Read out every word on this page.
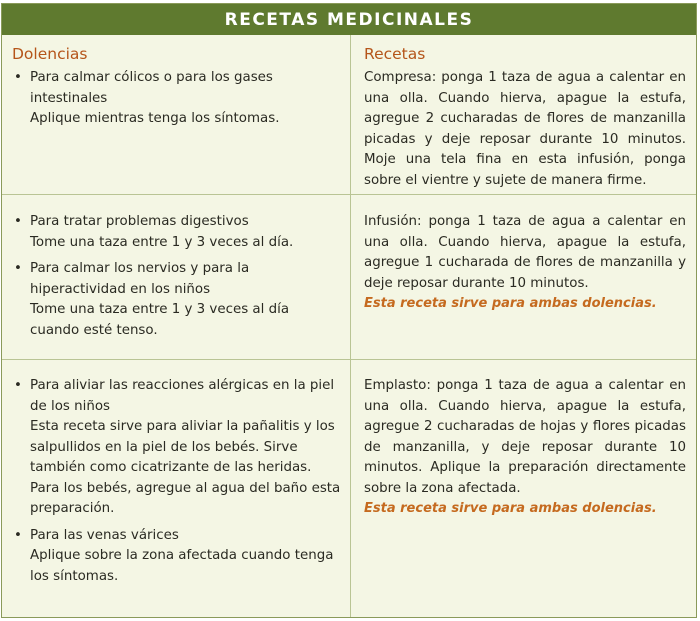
RECETAS MEDICINALES
Dolencias
• Para calmar cólicos o para los gases intestinales
Aplique mientras tenga los síntomas.
Recetas
Compresa: ponga 1 taza de agua a calentar en una olla. Cuando hierva, apague la estufa, agregue 2 cucharadas de flores de manzanilla picadas y deje reposar durante 10 minutos. Moje una tela fina en esta infusión, ponga sobre el vientre y sujete de manera firme.
• Para tratar problemas digestivos
Tome una taza entre 1 y 3 veces al día.
• Para calmar los nervios y para la hiperactividad en los niños
Tome una taza entre 1 y 3 veces al día cuando esté tenso.
Infusión: ponga 1 taza de agua a calentar en una olla. Cuando hierva, apague la estufa, agregue 1 cucharada de flores de manzanilla y deje reposar durante 10 minutos.
Esta receta sirve para ambas dolencias.
• Para aliviar las reacciones alérgicas en la piel de los niños
Esta receta sirve para aliviar la pañalitis y los salpullidos en la piel de los bebés. Sirve también como cicatrizante de las heridas.
Para los bebés, agregue al agua del baño esta preparación.
• Para las venas várices
Aplique sobre la zona afectada cuando tenga los síntomas.
Emplasto: ponga 1 taza de agua a calentar en una olla. Cuando hierva, apague la estufa, agregue 2 cucharadas de hojas y flores picadas de manzanilla, y deje reposar durante 10 minutos. Aplique la preparación directamente sobre la zona afectada.
Esta receta sirve para ambas dolencias.
